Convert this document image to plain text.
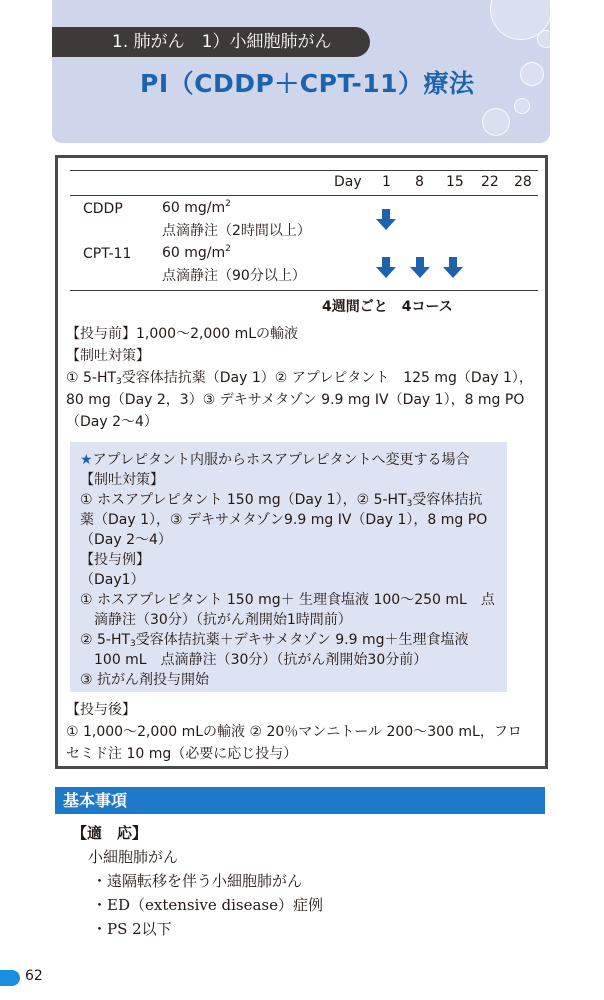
1. 肺がん　1）小細胞肺がん
PI（CDDP＋CPT-11）療法
Day 1 8 15 22 28
CDDP	60 $mg/m^2$
点滴静注（2時間以上）
CPT-11 60 $mg/m^2$
点滴静注（90分以上）
4週間ごと　4コース
【投与前】1,000～2,000 mLの輸液
【制吐対策】
① $5-HT_3$受容体拮抗薬（Day 1）② アプレピタント　125 mg（Day 1），
80 mg（Day 2，3）③ デキサメタゾン 9.9 mg IV（Day 1），8 mg PO
（Day 2～4）
★アプレピタント内服からホスアプレピタントへ変更する場合
【制吐対策】
① ホスアプレピタント 150 mg（Day 1），② $5-HT_3$受容体拮抗
薬（Day 1），③ デキサメタゾン9.9 mg IV（Day 1），8 mg PO
（Day 2～4）
【投与例】
（Day1）
① ホスアプレピタント 150 mg＋ 生理食塩液 100～250 mL　点
　滴静注（30分）（抗がん剤開始1時間前）
② $5-HT_3$受容体拮抗薬＋デキサメタゾン 9.9 mg＋生理食塩液
　100 mL　点滴静注（30分）（抗がん剤開始30分前）
③ 抗がん剤投与開始
【投与後】
① 1,000～2,000 mLの輸液 ② 20％マンニトール 200～300 mL，フロ
セミド注 10 mg（必要に応じ投与）
基本事項
【適　応】
小細胞肺がん
・遠隔転移を伴う小細胞肺がん
・ED（extensive disease）症例
・PS 2以下
62
